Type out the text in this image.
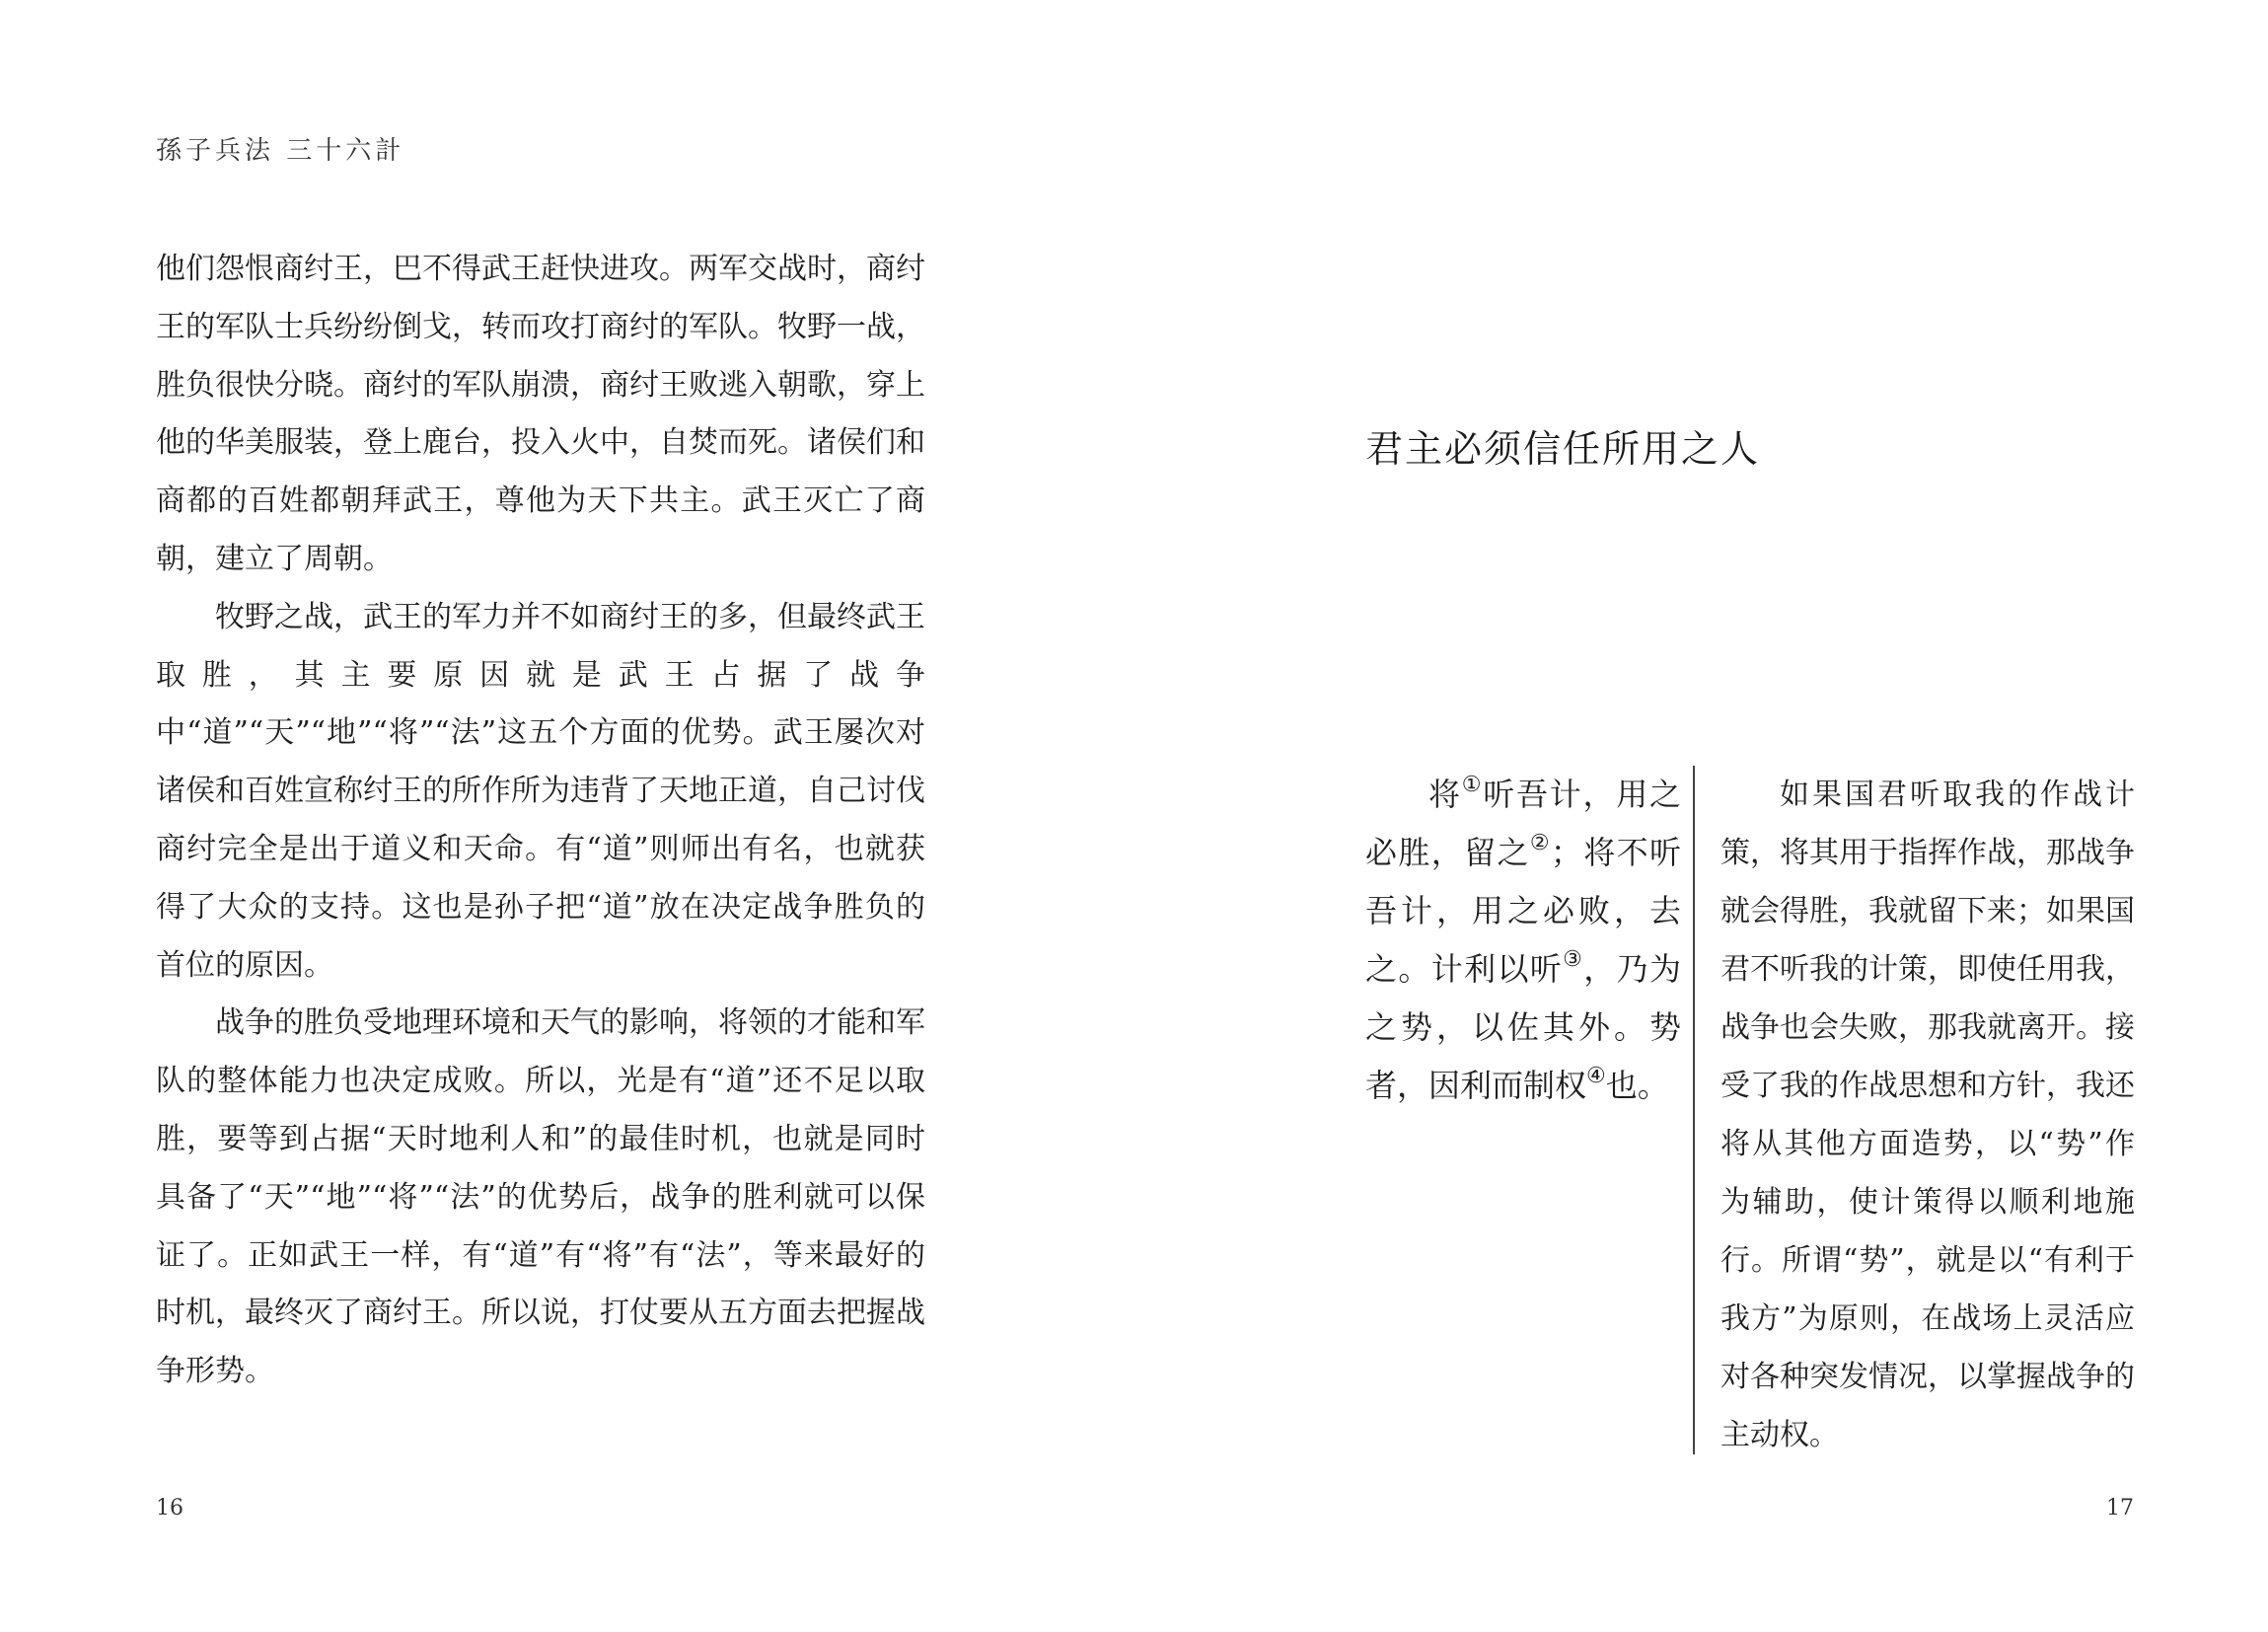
孫子兵法 三十六計

他们怨恨商纣王，巴不得武王赶快进攻。两军交战时，商纣王的军队士兵纷纷倒戈，转而攻打商纣的军队。牧野一战，胜负很快分晓。商纣的军队崩溃，商纣王败逃入朝歌，穿上他的华美服装，登上鹿台，投入火中，自焚而死。诸侯们和商都的百姓都朝拜武王，尊他为天下共主。武王灭亡了商朝，建立了周朝。

牧野之战，武王的军力并不如商纣王的多，但最终武王取胜，其主要原因就是武王占据了战争中“道”“天”“地”“将”“法”这五个方面的优势。武王屡次对诸侯和百姓宣称纣王的所作所为违背了天地正道，自己讨伐商纣完全是出于道义和天命。有“道”则师出有名，也就获得了大众的支持。这也是孙子把“道”放在决定战争胜负的首位的原因。

战争的胜负受地理环境和天气的影响，将领的才能和军队的整体能力也决定成败。所以，光是有“道”还不足以取胜，要等到占据“天时地利人和”的最佳时机，也就是同时具备了“天”“地”“将”“法”的优势后，战争的胜利就可以保证了。正如武王一样，有“道”有“将”有“法”，等来最好的时机，最终灭了商纣王。所以说，打仗要从五方面去把握战争形势。

16
君主必须信任所用之人

将①听吾计，用之必胜，留之②；将不听吾计，用之必败，去之。计利以听③，乃为之势，以佐其外。势者，因利而制权④也。

如果国君听取我的作战计策，将其用于指挥作战，那战争就会得胜，我就留下来；如果国君不听我的计策，即使任用我，战争也会失败，那我就离开。接受了我的作战思想和方针，我还将从其他方面造势，以“势”作为辅助，使计策得以顺利地施行。所谓“势”，就是以“有利于我方”为原则，在战场上灵活应对各种突发情况，以掌握战争的主动权。

17
